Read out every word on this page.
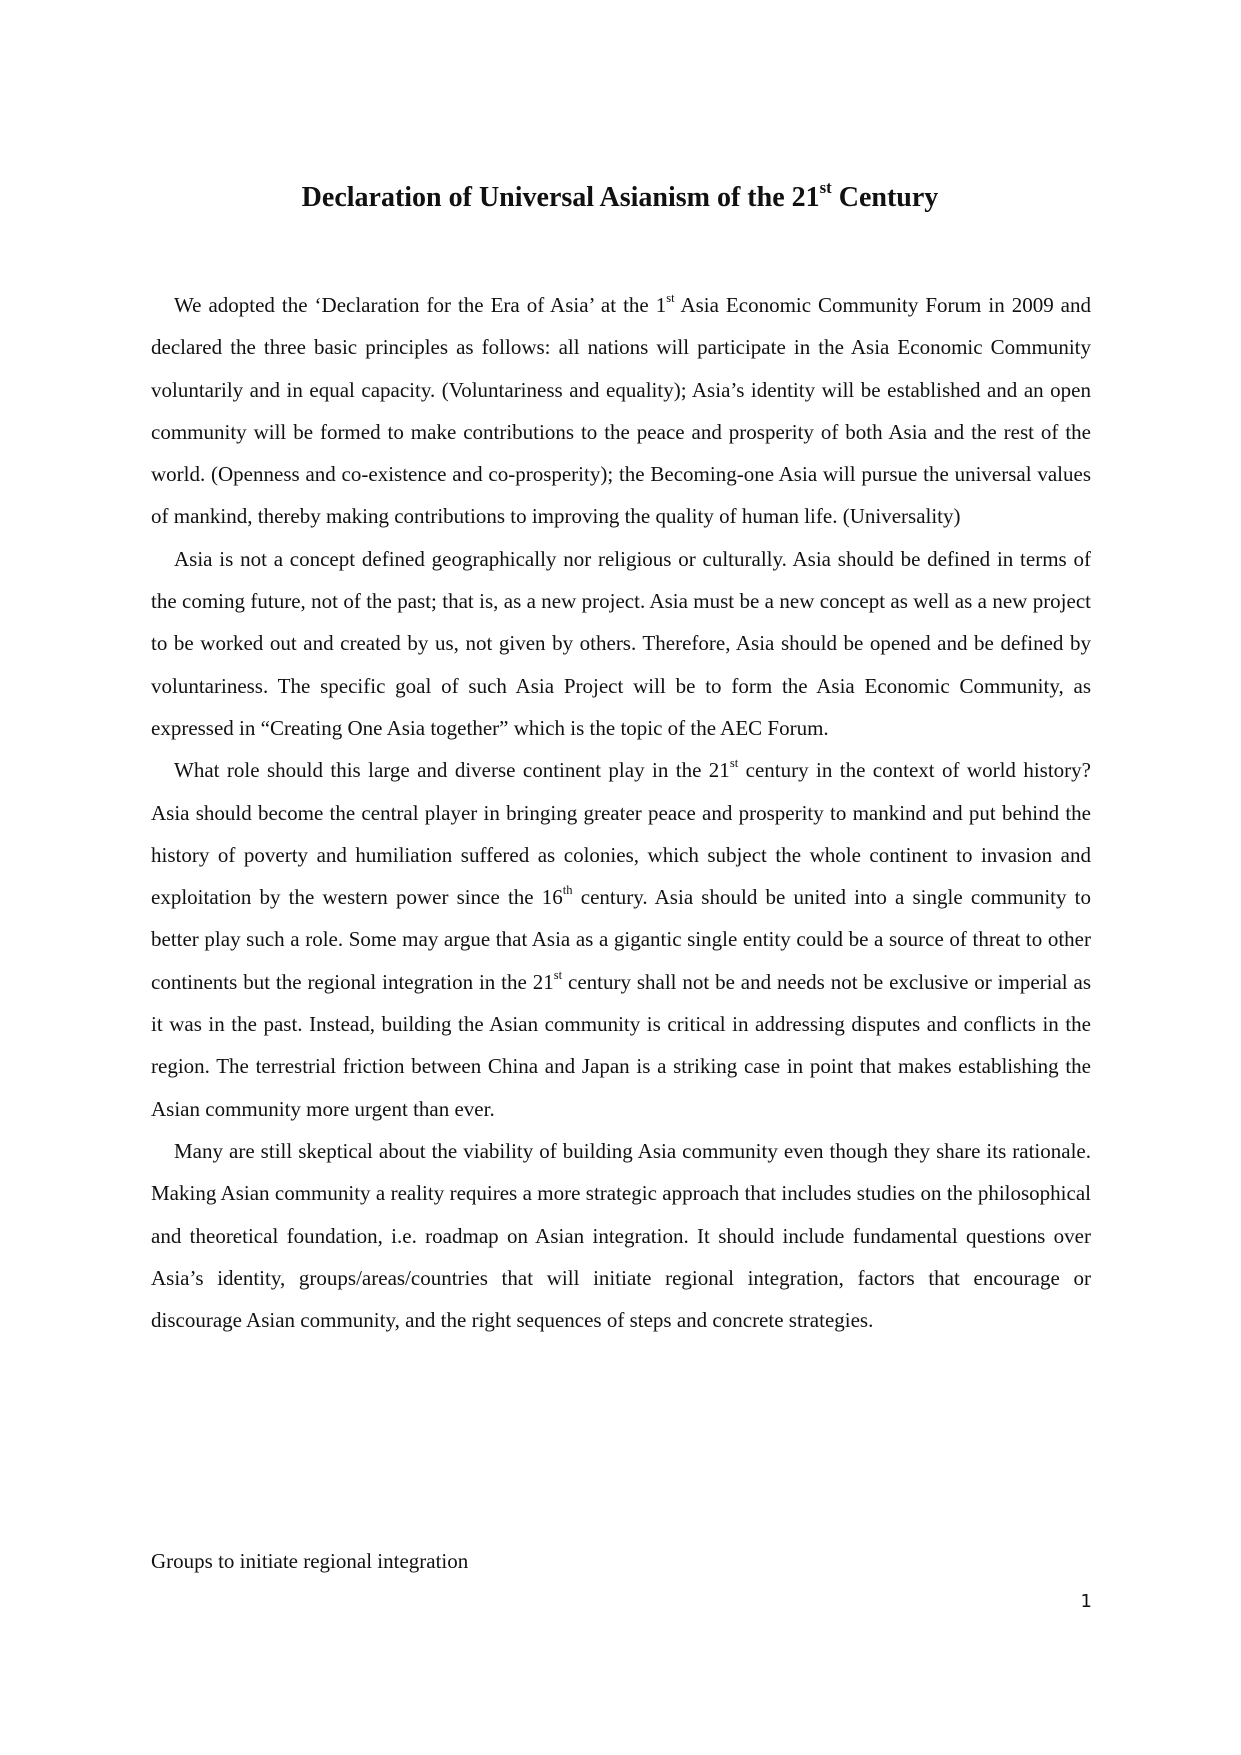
Declaration of Universal Asianism of the 21st Century

We adopted the ‘Declaration for the Era of Asia’ at the 1st Asia Economic Community Forum in 2009 and declared the three basic principles as follows: all nations will participate in the Asia Economic Community voluntarily and in equal capacity. (Voluntariness and equality); Asia’s identity will be established and an open community will be formed to make contributions to the peace and prosperity of both Asia and the rest of the world. (Openness and co-existence and co-prosperity); the Becoming-one Asia will pursue the universal values of mankind, thereby making contributions to improving the quality of human life. (Universality)

Asia is not a concept defined geographically nor religious or culturally. Asia should be defined in terms of the coming future, not of the past; that is, as a new project. Asia must be a new concept as well as a new project to be worked out and created by us, not given by others. Therefore, Asia should be opened and be defined by voluntariness. The specific goal of such Asia Project will be to form the Asia Economic Community, as expressed in “Creating One Asia together” which is the topic of the AEC Forum.

What role should this large and diverse continent play in the 21st century in the context of world history? Asia should become the central player in bringing greater peace and prosperity to mankind and put behind the history of poverty and humiliation suffered as colonies, which subject the whole continent to invasion and exploitation by the western power since the 16th century. Asia should be united into a single community to better play such a role. Some may argue that Asia as a gigantic single entity could be a source of threat to other continents but the regional integration in the 21st century shall not be and needs not be exclusive or imperial as it was in the past. Instead, building the Asian community is critical in addressing disputes and conflicts in the region. The terrestrial friction between China and Japan is a striking case in point that makes establishing the Asian community more urgent than ever.

Many are still skeptical about the viability of building Asia community even though they share its rationale. Making Asian community a reality requires a more strategic approach that includes studies on the philosophical and theoretical foundation, i.e. roadmap on Asian integration. It should include fundamental questions over Asia’s identity, groups/areas/countries that will initiate regional integration, factors that encourage or discourage Asian community, and the right sequences of steps and concrete strategies.

Groups to initiate regional integration

1
